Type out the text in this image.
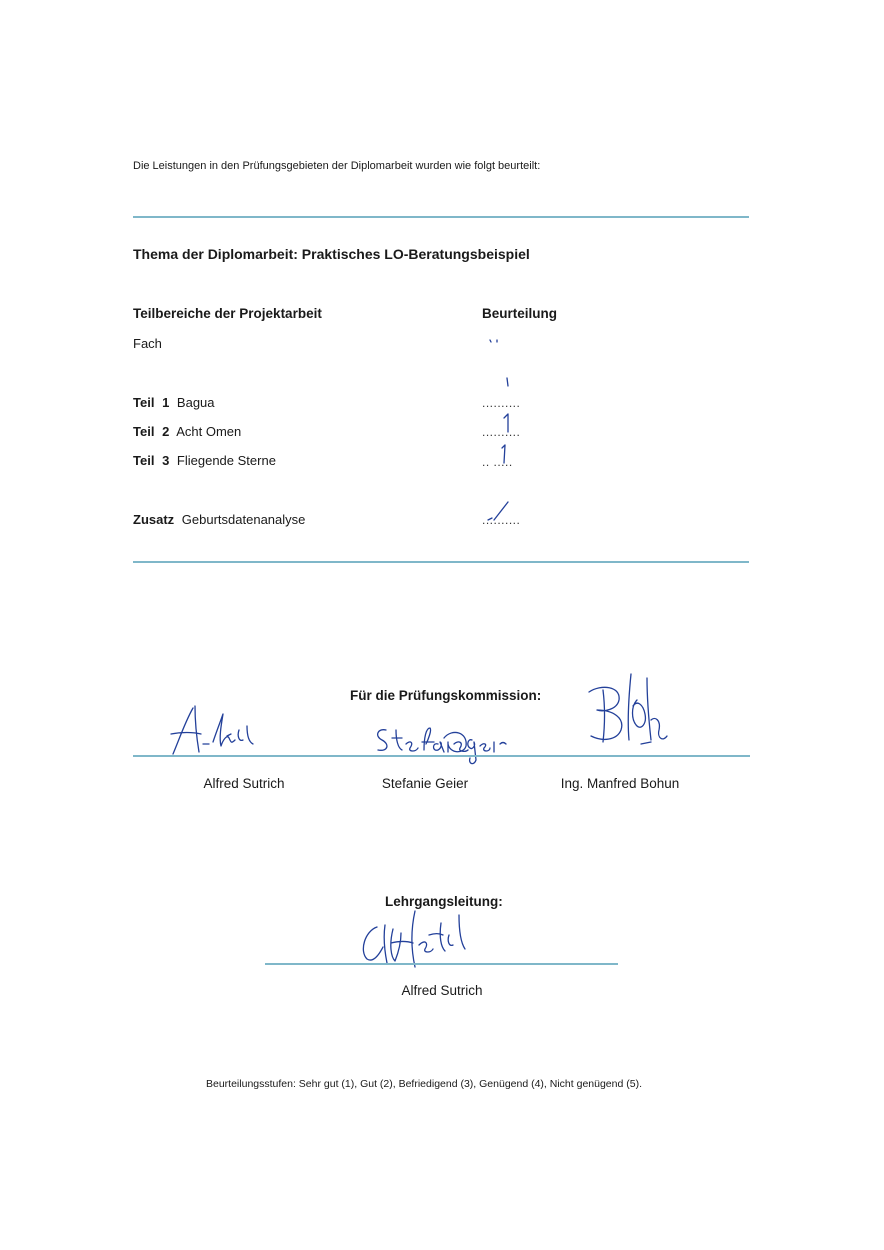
Die Leistungen in den Prüfungsgebieten der Diplomarbeit wurden wie folgt beurteilt:
Thema der Diplomarbeit: Praktisches LO-Beratungsbeispiel
Teilbereiche der Projektarbeit	Beurteilung
Fach
Teil 1 Bagua	..........
Teil 2 Acht Omen	..........
Teil 3 Fliegende Sterne	.. .....
Zusatz Geburtsdatenanalyse	..........
Für die Prüfungskommission:
Alfred Sutrich	Stefanie Geier	Ing. Manfred Bohun
Lehrgangsleitung:
Alfred Sutrich
Beurteilungsstufen: Sehr gut (1), Gut (2), Befriedigend (3), Genügend (4), Nicht genügend (5).
